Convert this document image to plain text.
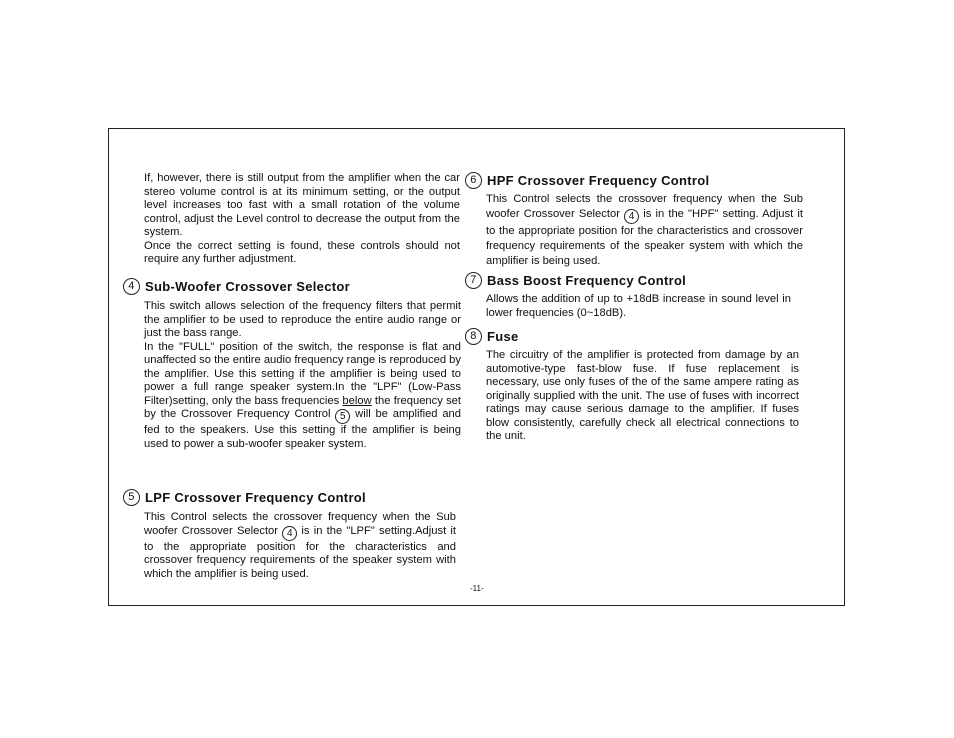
If, however, there is still output from the amplifier when the car stereo volume control is at its minimum setting, or the output level increases too fast with a small rotation of the volume control, adjust the Level control to decrease the output from the system.

Once the correct setting is found, these controls should not require any further adjustment.

4 Sub-Woofer Crossover Selector

This switch allows selection of the frequency filters that permit the amplifier to be used to reproduce the entire audio range or just the bass range.

In the "FULL" position of the switch, the response is flat and unaffected so the entire audio frequency range is reproduced by the amplifier. Use this setting if the amplifier is being used to power a full range speaker system.In the "LPF" (Low-Pass Filter)setting, only the bass frequencies below the frequency set by the Crossover Frequency Control 5 will be amplified and fed to the speakers. Use this setting if the amplifier is being used to power a sub-woofer speaker system.

5 LPF Crossover Frequency Control

This Control selects the crossover frequency when the Sub woofer Crossover Selector 4 is in the "LPF" setting.Adjust it to the appropriate position for the characteristics and crossover frequency requirements of the speaker system with which the amplifier is being used.

6 HPF Crossover Frequency Control

This Control selects the crossover frequency when the Sub woofer Crossover Selector 4 is in the "HPF" setting. Adjust it to the appropriate position for the characteristics and crossover frequency requirements of the speaker system with which the amplifier is being used.

7 Bass Boost Frequency Control

Allows the addition of up to +18dB increase in sound level in lower frequencies (0~18dB).

8 Fuse

The circuitry of the amplifier is protected from damage by an automotive-type fast-blow fuse. If fuse replacement is necessary, use only fuses of the of the same ampere rating as originally supplied with the unit. The use of fuses with incorrect ratings may cause serious damage to the amplifier. If fuses blow consistently, carefully check all electrical connections to the unit.

-11-
